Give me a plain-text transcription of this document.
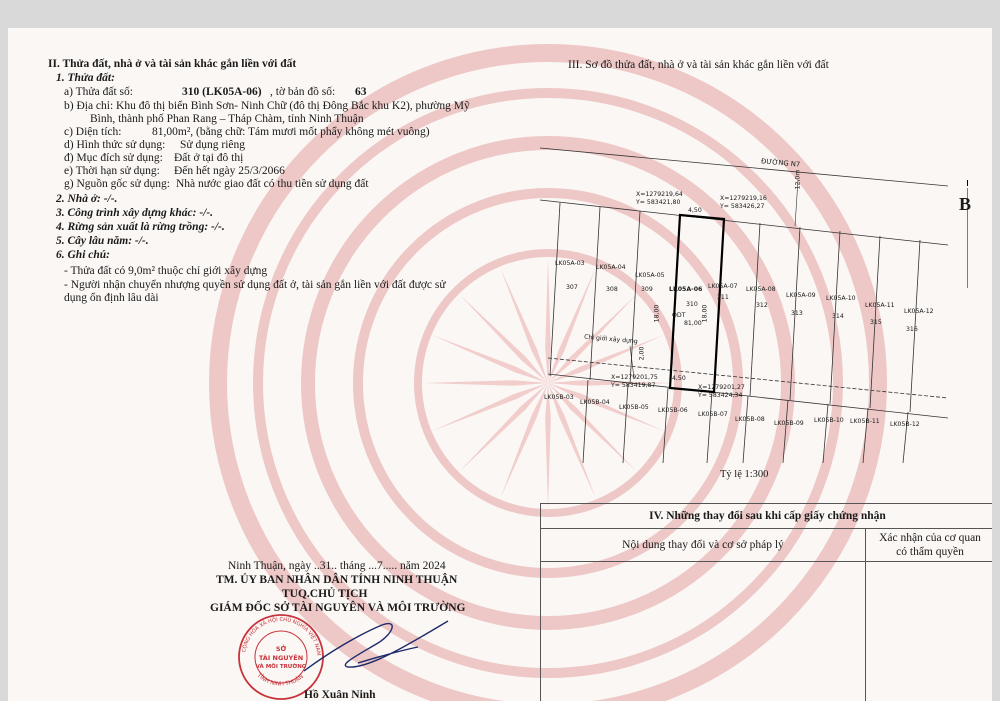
II. Thửa đất, nhà ở và tài sản khác gắn liền với đất
1. Thửa đất:
a) Thửa đất số:	310 (LK05A-06) , tờ bản đồ số: 63
b) Địa chỉ: Khu đô thị biển Bình Sơn- Ninh Chữ (đô thị Đông Bắc khu K2), phường Mỹ
Bình, thành phố Phan Rang – Tháp Chàm, tỉnh Ninh Thuận
c) Diện tích:	81,00m², (bằng chữ: Tám mươi mốt phẩy không mét vuông)
d) Hình thức sử dụng: Sử dụng riêng
đ) Mục đích sử dụng: Đất ở tại đô thị
e) Thời hạn sử dụng: Đến hết ngày 25/3/2066
g) Nguồn gốc sử dụng: Nhà nước giao đất có thu tiền sử dụng đất
2. Nhà ở: -/-.
3. Công trình xây dựng khác: -/-.
4. Rừng sản xuất là rừng trồng: -/-.
5. Cây lâu năm: -/-.
6. Ghi chú:
- Thửa đất có 9,0m² thuộc chỉ giới xây dựng
- Người nhận chuyển nhượng quyền sử dụng đất ở, tài sản gắn liền với đất được sử
dụng ổn định lâu dài
III. Sơ đồ thửa đất, nhà ở và tài sản khác gắn liền với đất
ĐƯỜNG N7
B
12,0m
X=1279219,64
Y= 583421,80
X=1279219,16
Y= 583426,27
4,50
LK05A-03
307
LK05A-04
308
LK05A-05
309	LK05A-06
310
ODT
81,00
18,00	18,00
LK05A-07
311
LK05A-08
312
LK05A-09
313
LK05A-10
314
LK05A-11
315
LK05A-12
316
Chỉ giới xây dựng
2,00
X=1279201,75
Y= 583419,87
4,50
X=1279201,27
Y= 583424,34
LK05B-03
LK05B-04
LK05B-05 LK05B-06
LK05B-07
LK05B-08
LK05B-09 LK05B-10 LK05B-11 LK05B-12
Tỷ lệ 1:300
Ninh Thuận, ngày ..31.. tháng ...7..... năm 2024
TM. ỦY BAN NHÂN DÂN TỈNH NINH THUẬN
TUQ.CHỦ TỊCH
GIÁM ĐỐC SỞ TÀI NGUYÊN VÀ MÔI TRƯỜNG
CỘNG HÒA XÃ HỘI CHỦ NGHĨA VIỆT NAM
TỈNH NINH THUẬN
SỞ
TÀI NGUYÊN
VÀ MÔI TRƯỜNG
Hồ Xuân Ninh
IV. Những thay đổi sau khi cấp giấy chứng nhận	
Nội dung thay đổi và cơ sở pháp lý	Xác nhận của cơ quan
có thẩm quyền
